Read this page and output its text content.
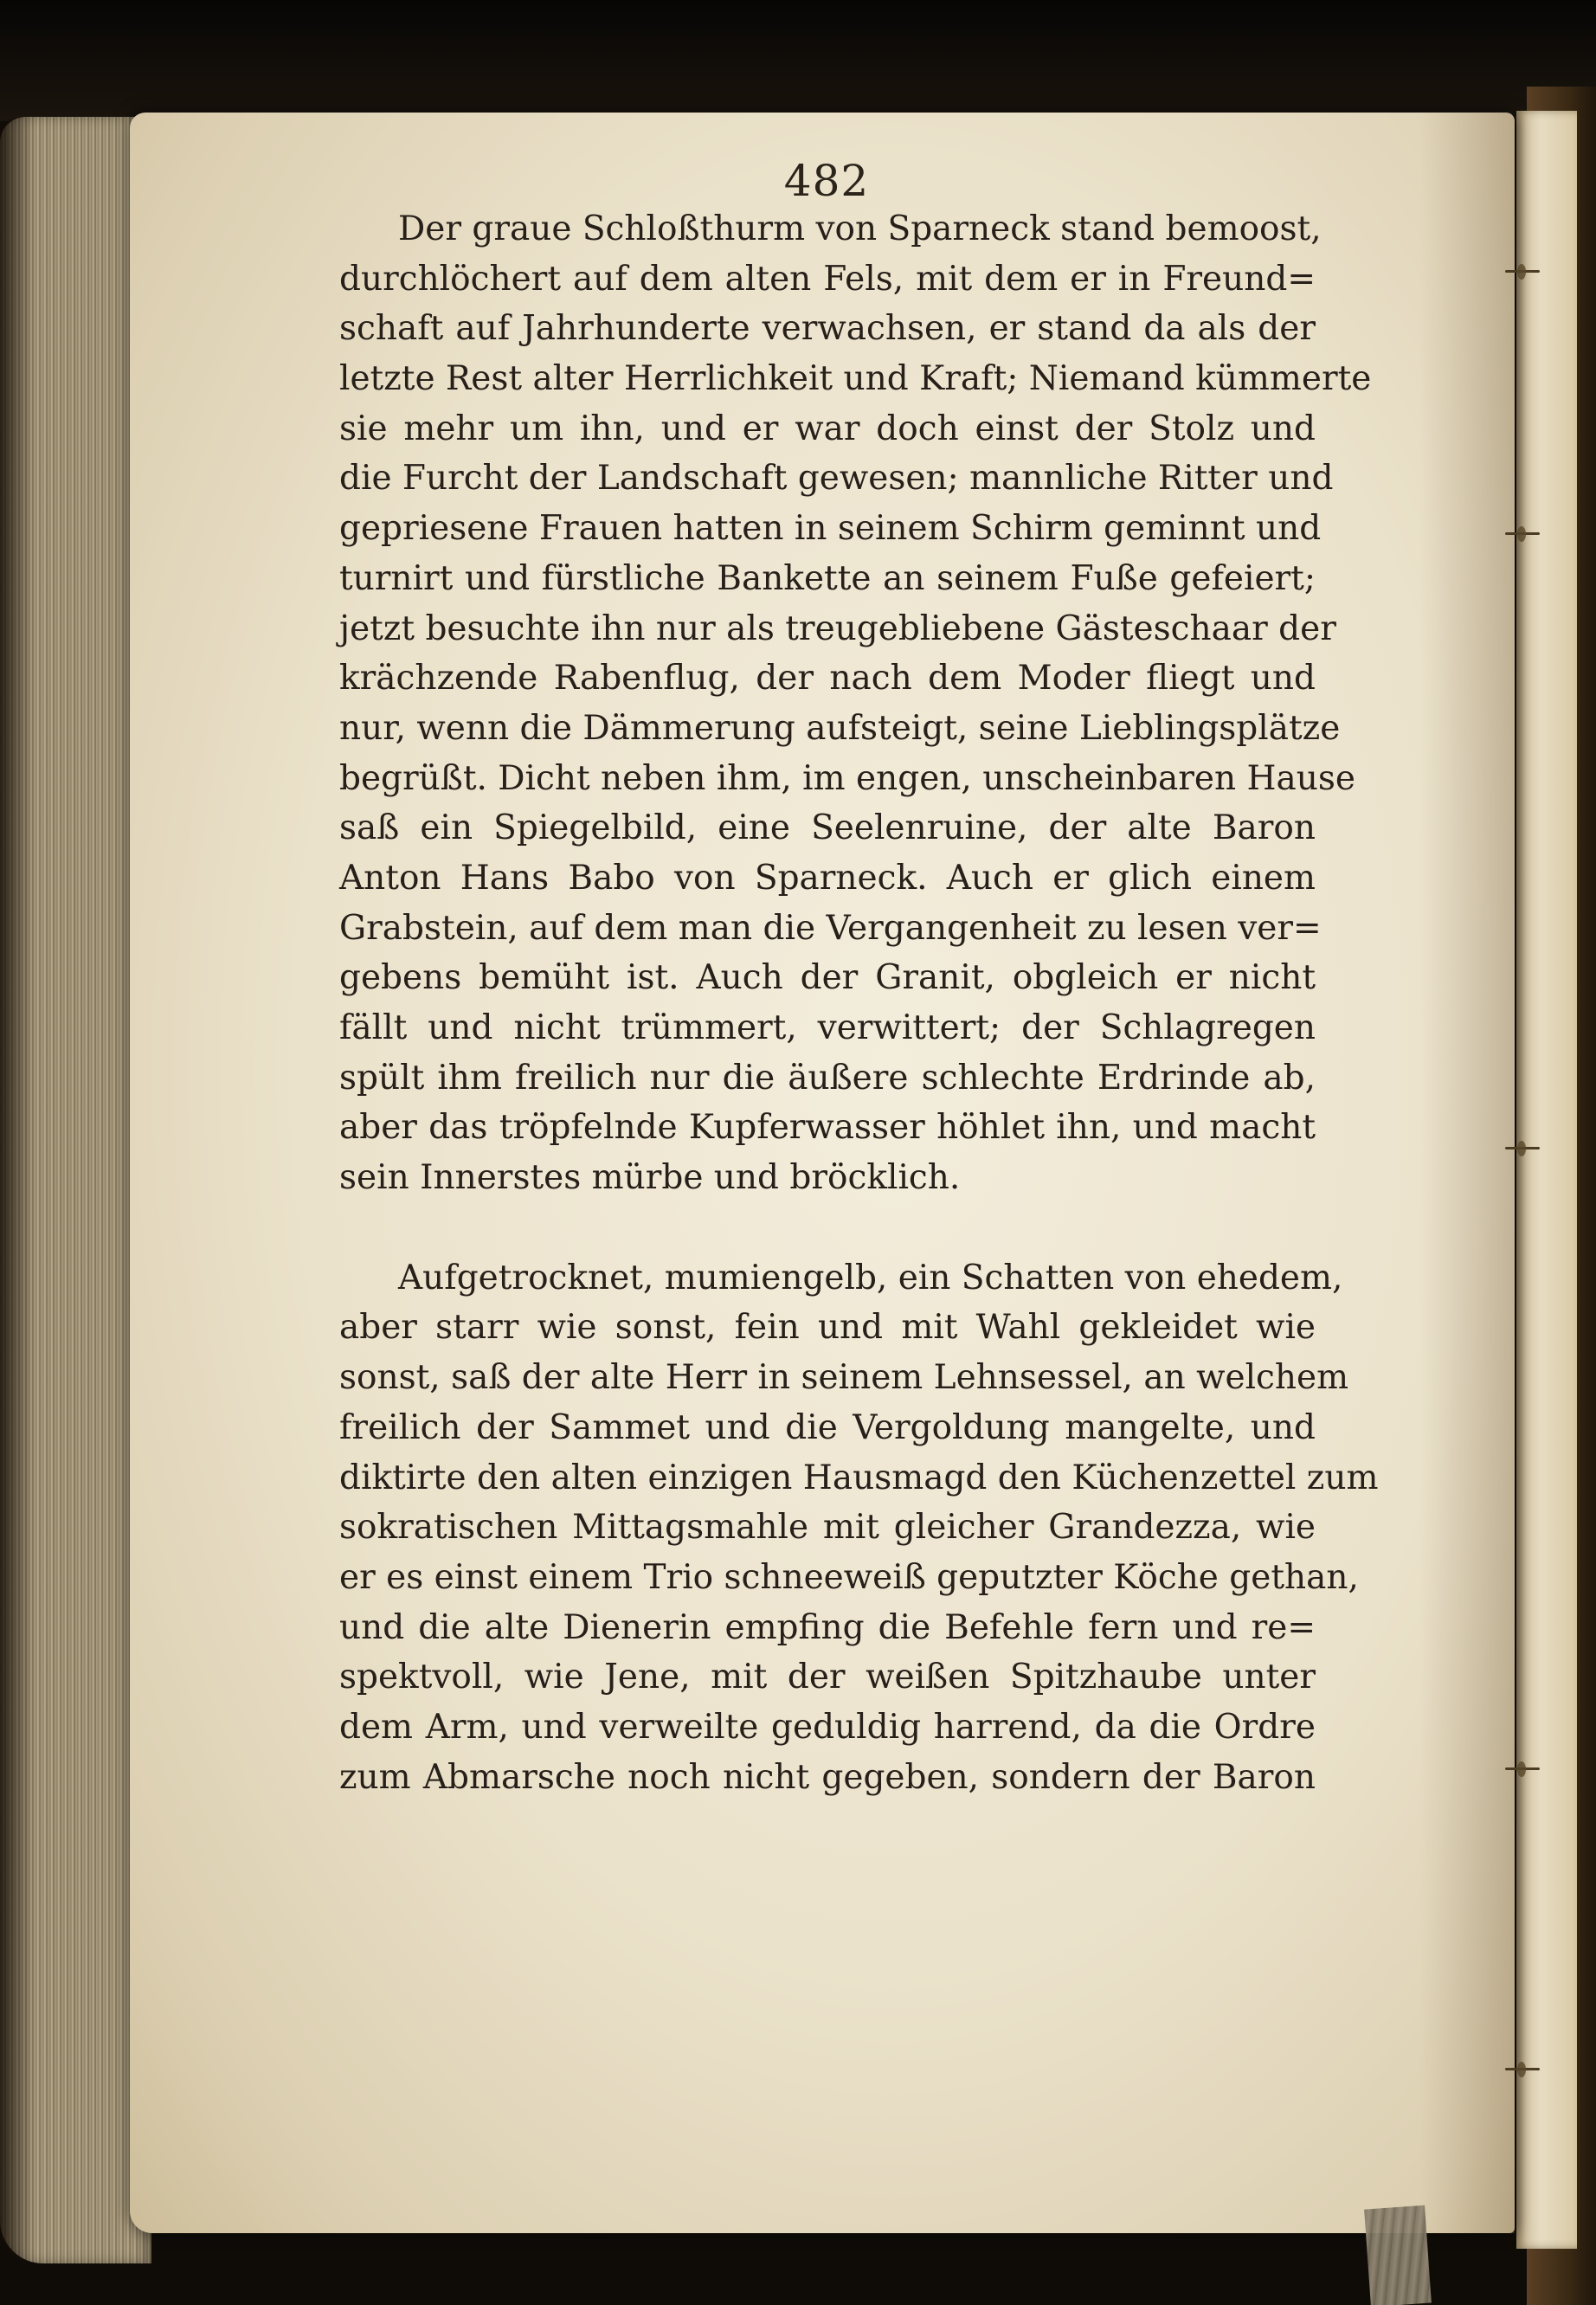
482

Der graue Schloßthurm von Sparneck stand bemoost,
durchlöchert auf dem alten Fels, mit dem er in Freund=
schaft auf Jahrhunderte verwachsen, er stand da als der
letzte Rest alter Herrlichkeit und Kraft; Niemand kümmerte
sie mehr um ihn, und er war doch einst der Stolz und
die Furcht der Landschaft gewesen; mannliche Ritter und
gepriesene Frauen hatten in seinem Schirm geminnt und
turnirt und fürstliche Bankette an seinem Fuße gefeiert;
jetzt besuchte ihn nur als treugebliebene Gästeschaar der
krächzende Rabenflug, der nach dem Moder fliegt und
nur, wenn die Dämmerung aufsteigt, seine Lieblingsplätze
begrüßt. Dicht neben ihm, im engen, unscheinbaren Hause
saß ein Spiegelbild, eine Seelenruine, der alte Baron
Anton Hans Babo von Sparneck. Auch er glich einem
Grabstein, auf dem man die Vergangenheit zu lesen ver=
gebens bemüht ist. Auch der Granit, obgleich er nicht
fällt und nicht trümmert, verwittert; der Schlagregen
spült ihm freilich nur die äußere schlechte Erdrinde ab,
aber das tröpfelnde Kupferwasser höhlet ihn, und macht
sein Innerstes mürbe und bröcklich.

Aufgetrocknet, mumiengelb, ein Schatten von ehedem,
aber starr wie sonst, fein und mit Wahl gekleidet wie
sonst, saß der alte Herr in seinem Lehnsessel, an welchem
freilich der Sammet und die Vergoldung mangelte, und
diktirte den alten einzigen Hausmagd den Küchenzettel zum
sokratischen Mittagsmahle mit gleicher Grandezza, wie
er es einst einem Trio schneeweiß geputzter Köche gethan,
und die alte Dienerin empfing die Befehle fern und re=
spektvoll, wie Jene, mit der weißen Spitzhaube unter
dem Arm, und verweilte geduldig harrend, da die Ordre
zum Abmarsche noch nicht gegeben, sondern der Baron
